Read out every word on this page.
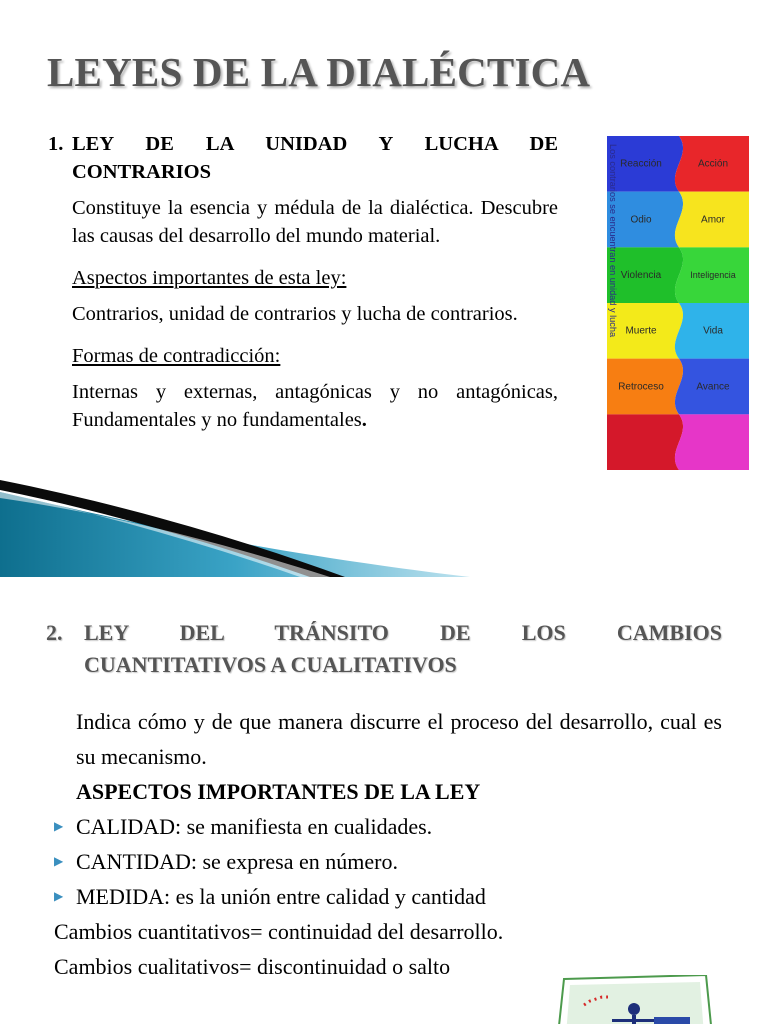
LEYES DE LA DIALÉCTICA
1. LEY DE LA UNIDAD Y LUCHA DE
CONTRARIOS

Constituye la esencia y médula de la dialéctica. Descubre las causas del desarrollo del mundo material.

Aspectos importantes de esta ley:

Contrarios, unidad de contrarios y lucha de contrarios.

Formas de contradicción:

Internas y externas, antagónicas y no antagónicas, Fundamentales y no fundamentales.

Reacción	Acción
Odio	Amor
Violencia	Inteligencia
Muerte	Vida
Retroceso	Avance
Los contrarios se encuentran en unidad y lucha
2. LEY DEL TRÁNSITO DE LOS CAMBIOS
CUANTITATIVOS A CUALITATIVOS

Indica cómo y de que manera discurre el proceso del desarrollo, cual es su mecanismo.

ASPECTOS IMPORTANTES DE LA LEY

▶ CALIDAD: se manifiesta en cualidades.
▶ CANTIDAD: se expresa en número.
▶ MEDIDA: es la unión entre calidad y cantidad

Cambios cuantitativos= continuidad del desarrollo.

Cambios cualitativos= discontinuidad o salto
